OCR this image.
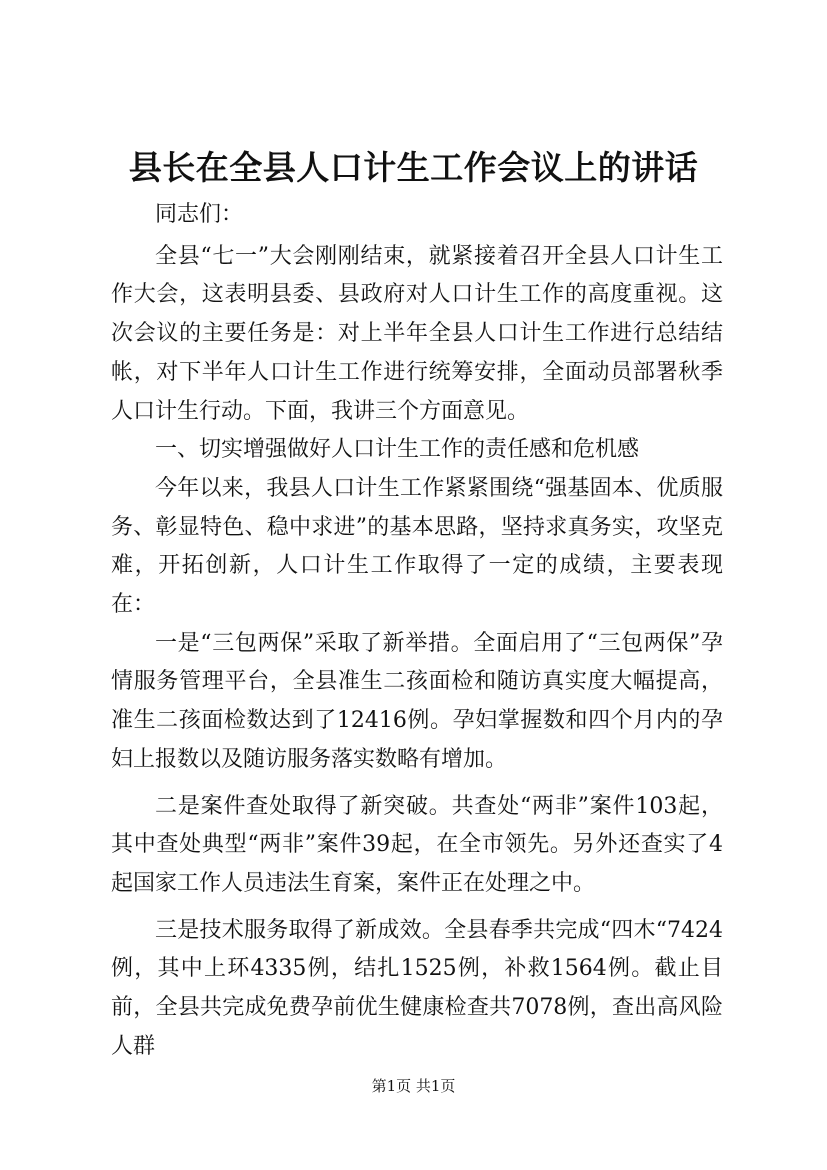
县长在全县人口计生工作会议上的讲话

同志们：

全县“七一”大会刚刚结束，就紧接着召开全县人口计生工作大会，这表明县委、县政府对人口计生工作的高度重视。这次会议的主要任务是：对上半年全县人口计生工作进行总结结帐，对下半年人口计生工作进行统筹安排，全面动员部署秋季人口计生行动。下面，我讲三个方面意见。

一、切实增强做好人口计生工作的责任感和危机感

今年以来，我县人口计生工作紧紧围绕“强基固本、优质服务、彰显特色、稳中求进”的基本思路，坚持求真务实，攻坚克难，开拓创新，人口计生工作取得了一定的成绩，主要表现在：

一是“三包两保”采取了新举措。全面启用了“三包两保”孕情服务管理平台，全县准生二孩面检和随访真实度大幅提高，准生二孩面检数达到了12416例。孕妇掌握数和四个月内的孕妇上报数以及随访服务落实数略有增加。

二是案件查处取得了新突破。共查处“两非”案件103起，其中查处典型“两非”案件39起，在全市领先。另外还查实了4起国家工作人员违法生育案，案件正在处理之中。

三是技术服务取得了新成效。全县春季共完成“四木“7424例，其中上环4335例，结扎1525例，补救1564例。截止目前，全县共完成免费孕前优生健康检查共7078例，查出高风险人群

第1页 共1页
